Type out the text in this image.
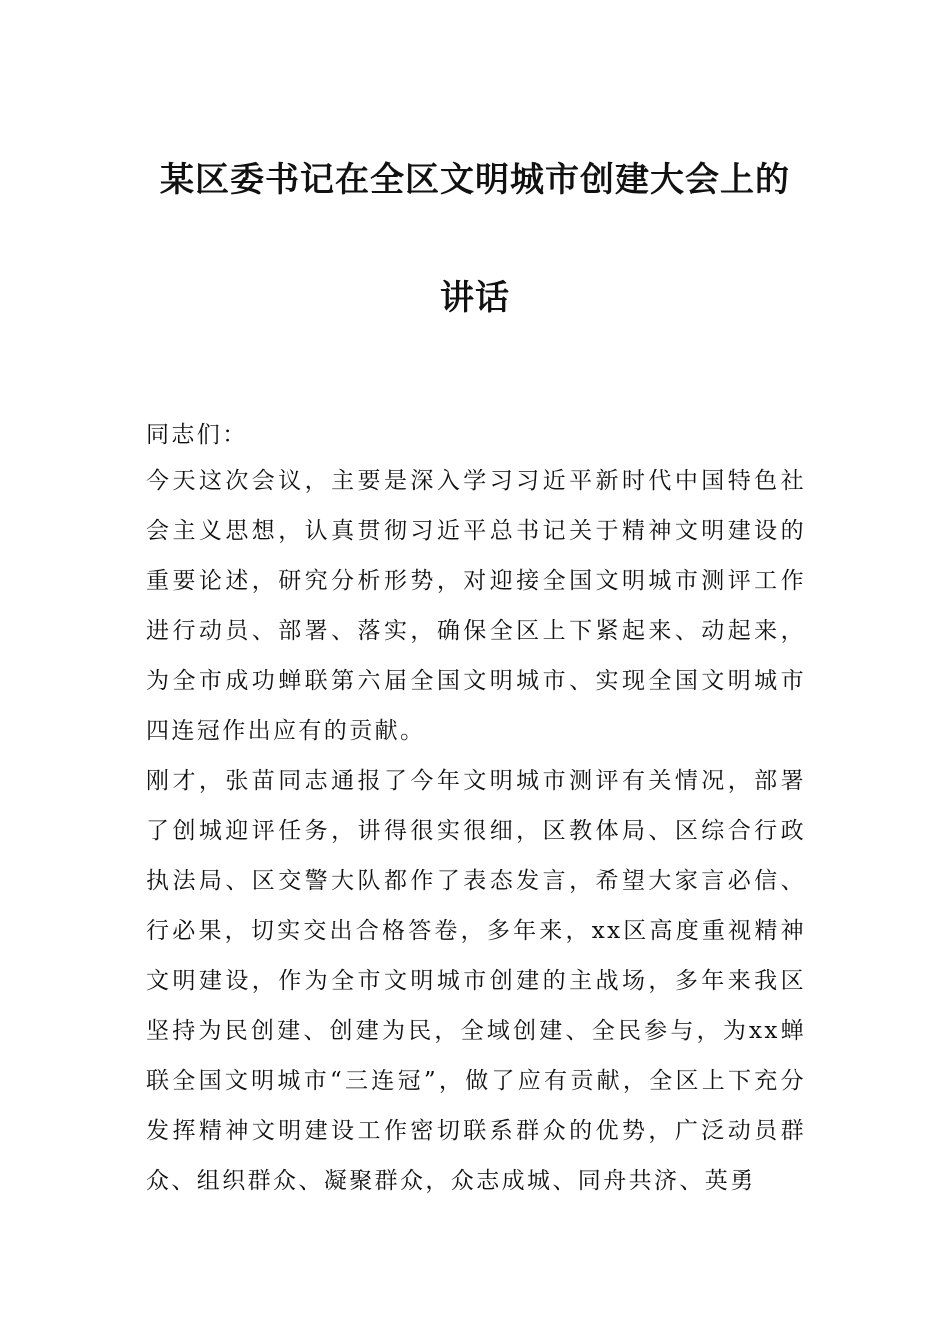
某区委书记在全区文明城市创建大会上的
讲话
同志们：

今天这次会议，主要是深入学习习近平新时代中国特色社会主义思想，认真贯彻习近平总书记关于精神文明建设的重要论述，研究分析形势，对迎接全国文明城市测评工作进行动员、部署、落实，确保全区上下紧起来、动起来，为全市成功蝉联第六届全国文明城市、实现全国文明城市四连冠作出应有的贡献。

刚才，张苗同志通报了今年文明城市测评有关情况，部署了创城迎评任务，讲得很实很细，区教体局、区综合行政执法局、区交警大队都作了表态发言，希望大家言必信、行必果，切实交出合格答卷，多年来，xx区高度重视精神文明建设，作为全市文明城市创建的主战场，多年来我区坚持为民创建、创建为民，全域创建、全民参与，为xx蝉联全国文明城市“三连冠”，做了应有贡献，全区上下充分发挥精神文明建设工作密切联系群众的优势，广泛动员群众、组织群众、凝聚群众，众志成城、同舟共济、英勇
